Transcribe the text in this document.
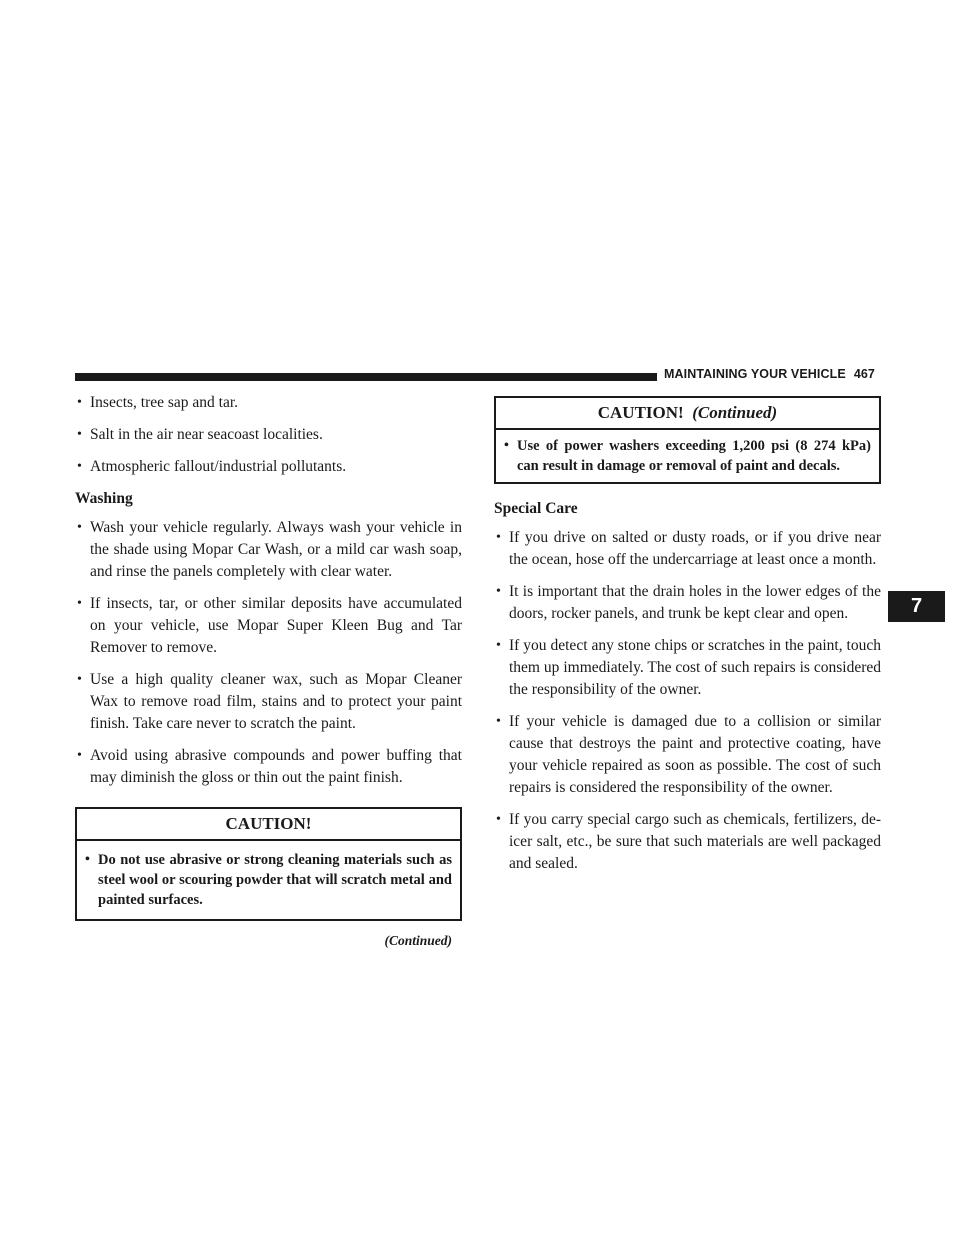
MAINTAINING YOUR VEHICLE 467
7
• Insects, tree sap and tar.
• Salt in the air near seacoast localities.
• Atmospheric fallout/industrial pollutants.
Washing
• Wash your vehicle regularly. Always wash your vehicle in the shade using Mopar Car Wash, or a mild car wash soap, and rinse the panels completely with clear water.
• If insects, tar, or other similar deposits have accumulated on your vehicle, use Mopar Super Kleen Bug and Tar Remover to remove.
• Use a high quality cleaner wax, such as Mopar Cleaner Wax to remove road film, stains and to protect your paint finish. Take care never to scratch the paint.
• Avoid using abrasive compounds and power buffing that may diminish the gloss or thin out the paint finish.
CAUTION!
• Do not use abrasive or strong cleaning materials such as steel wool or scouring powder that will scratch metal and painted surfaces.
(Continued)
CAUTION! (Continued)
• Use of power washers exceeding 1,200 psi (8 274 kPa) can result in damage or removal of paint and decals.
Special Care
• If you drive on salted or dusty roads, or if you drive near the ocean, hose off the undercarriage at least once a month.
• It is important that the drain holes in the lower edges of the doors, rocker panels, and trunk be kept clear and open.
• If you detect any stone chips or scratches in the paint, touch them up immediately. The cost of such repairs is considered the responsibility of the owner.
• If your vehicle is damaged due to a collision or similar cause that destroys the paint and protective coating, have your vehicle repaired as soon as possible. The cost of such repairs is considered the responsibility of the owner.
• If you carry special cargo such as chemicals, fertilizers, de-icer salt, etc., be sure that such materials are well packaged and sealed.
